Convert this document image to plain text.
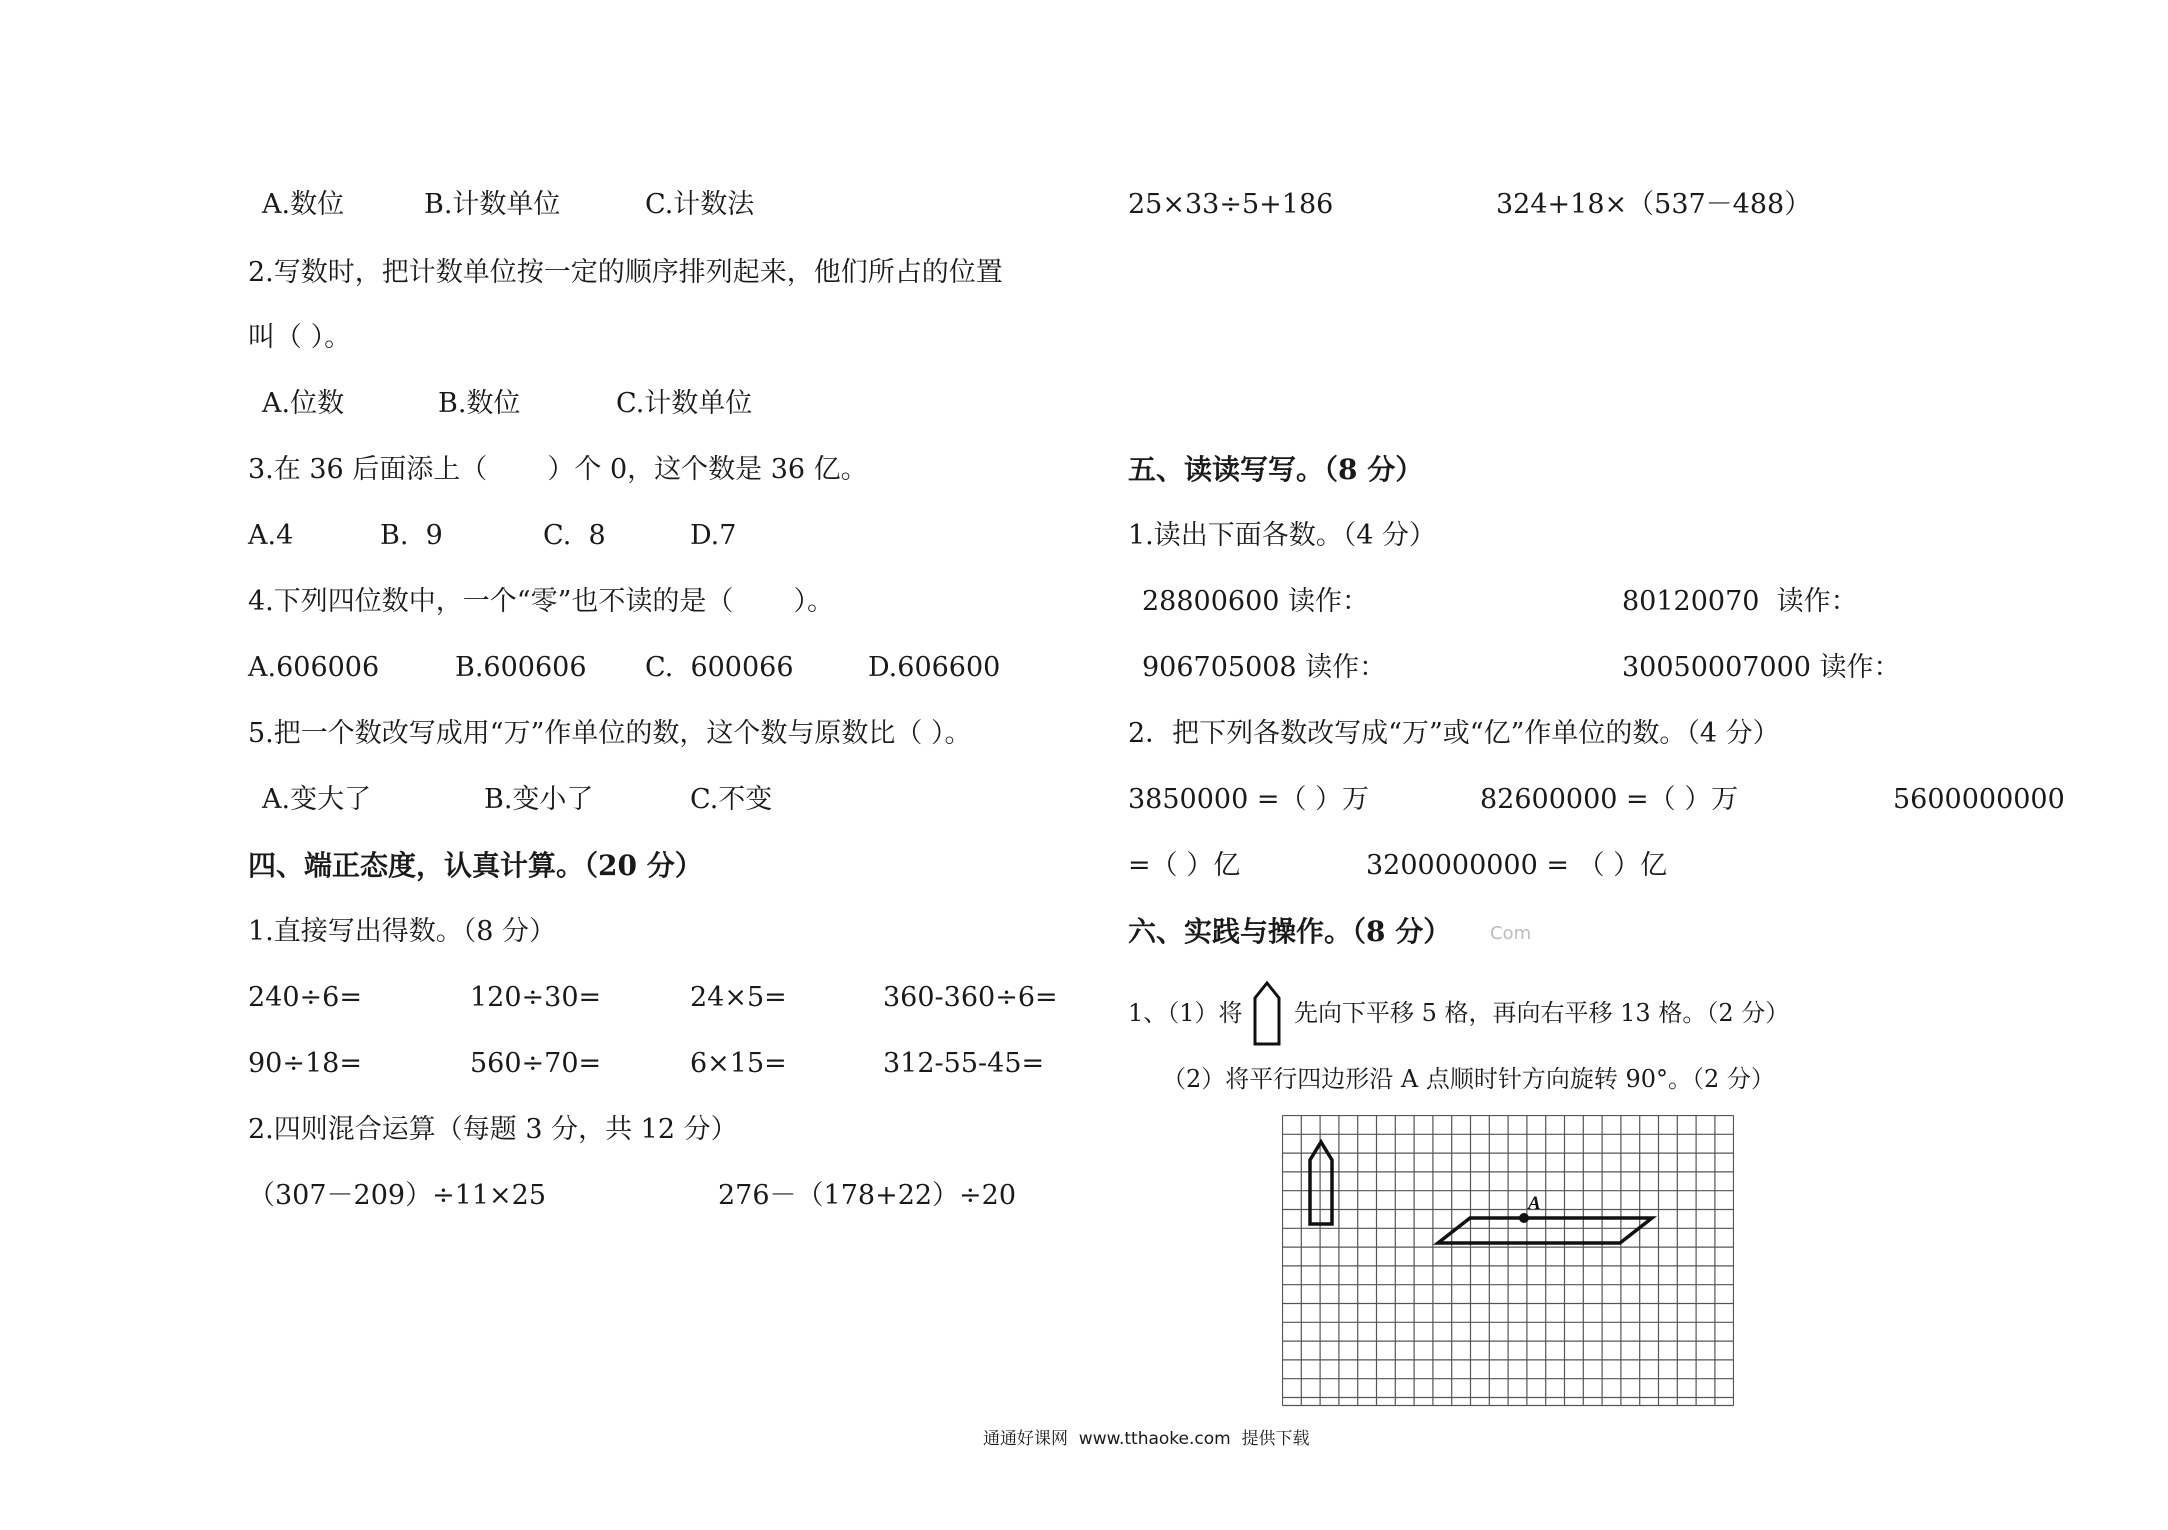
A.数位	B.计数单位	C.计数法
2.写数时，把计数单位按一定的顺序排列起来，他们所占的位置
叫（ ）。
A.位数	B.数位	C.计数单位
3.在 36 后面添上（       ）个 0，这个数是 36 亿。
A.4	B.  9	C.  8	D.7
4.下列四位数中，一个“零”也不读的是（       ）。
A.606006	B.600606 C.  600066	D.606600
5.把一个数改写成用“万”作单位的数，这个数与原数比（ ）。
A.变大了	B.变小了	C.不变
四、端正态度，认真计算。（20 分）
1.直接写出得数。（8 分）
240÷6=	120÷30=	24×5=	360-360÷6=
90÷18=	560÷70=	6×15=	312-55-45=
2.四则混合运算（每题 3 分，共 12 分）
（307－209）÷11×25	276－（178+22）÷20
25×33÷5+186	324+18×（537－488）
五、读读写写。（8 分）
1.读出下面各数。（4 分）
28800600 读作：	80120070  读作：
906705008 读作：	30050007000 读作：
2．把下列各数改写成“万”或“亿”作单位的数。（4 分）
3850000 =（ ）万	82600000 =（ ）万	5600000000
=（ ）亿	3200000000 = （ ）亿
六、实践与操作。（8 分） Com
1、（1）将 先向下平移 5 格，再向右平移 13 格。（2 分）
（2）将平行四边形沿 A 点顺时针方向旋转 90°。（2 分）
A
通通好课网  www.tthaoke.com  提供下载
